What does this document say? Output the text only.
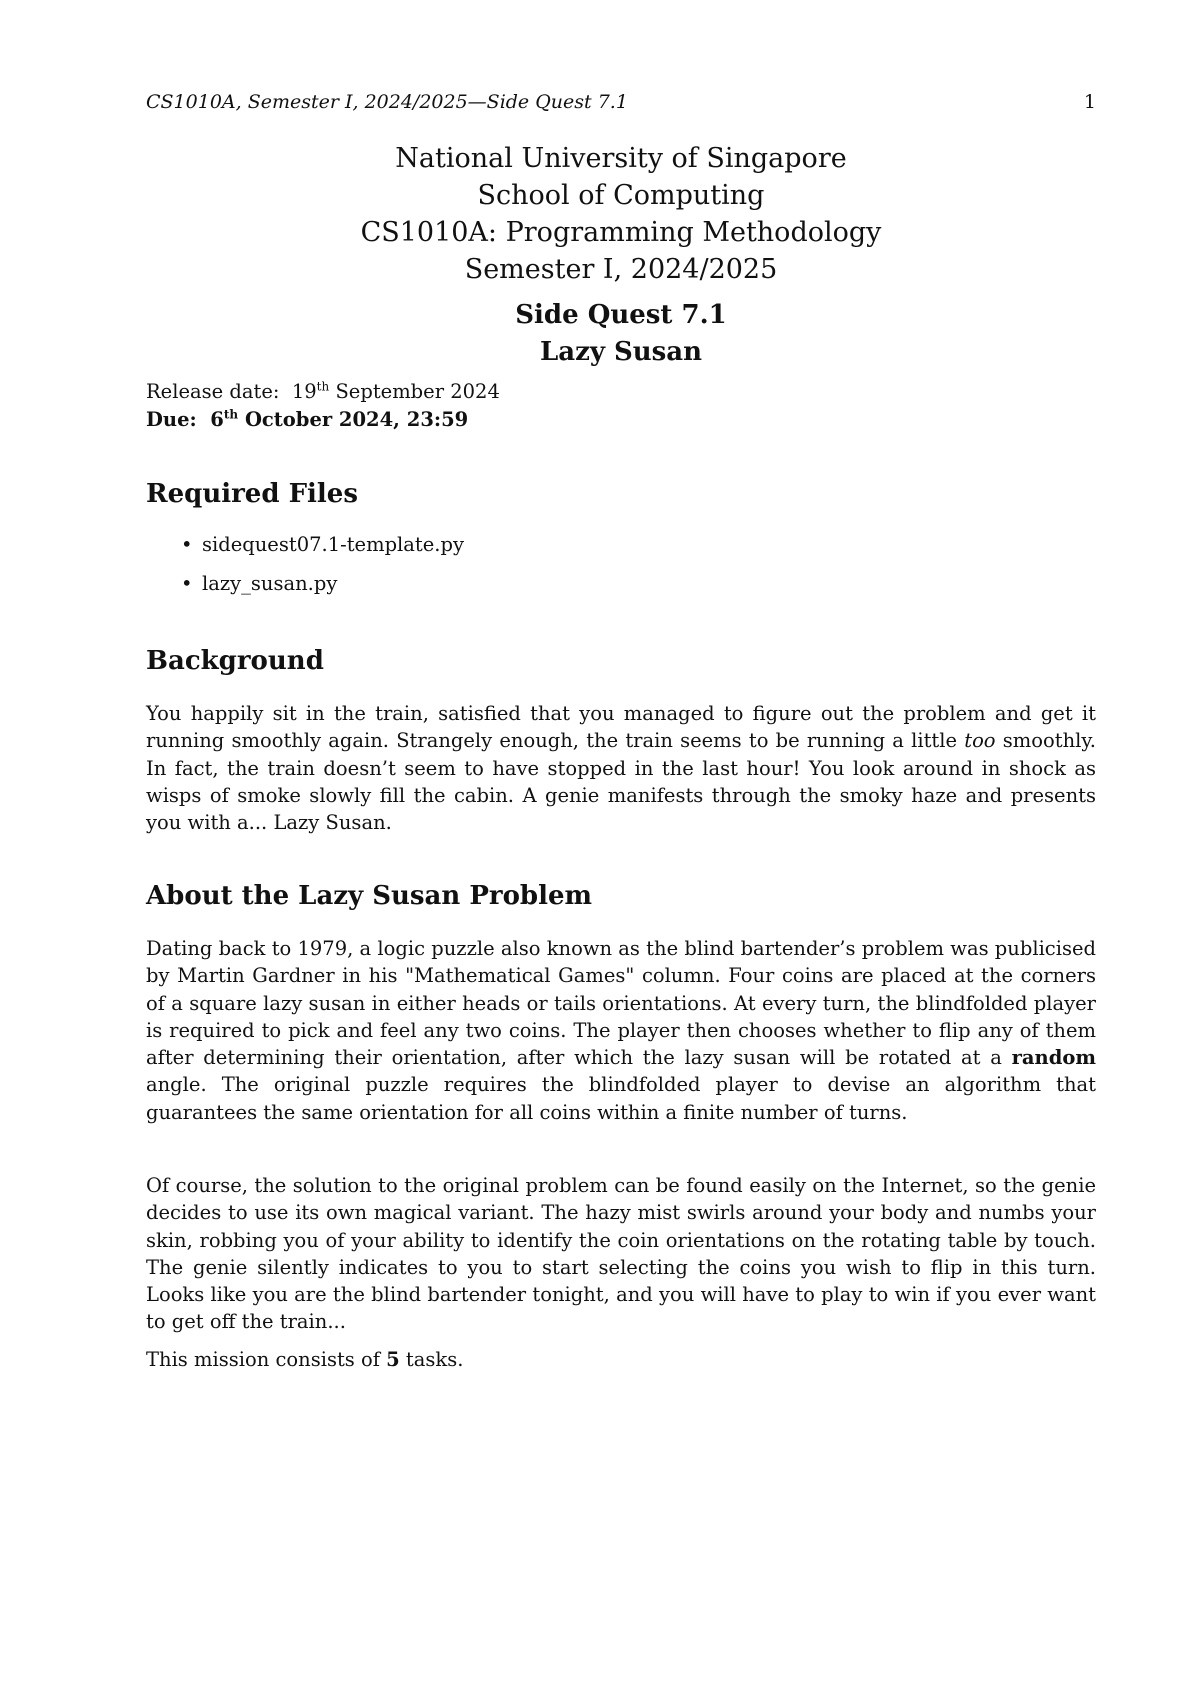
CS1010A, Semester I, 2024/2025—Side Quest 7.1	1
National University of Singapore
School of Computing
CS1010A: Programming Methodology
Semester I, 2024/2025
Side Quest 7.1
Lazy Susan
Release date: 19th September 2024
Due: 6th October 2024, 23:59
Required Files
• sidequest07.1-template.py
• lazy_susan.py
Background

You happily sit in the train, satisfied that you managed to figure out the problem and get it running smoothly again. Strangely enough, the train seems to be running a little too smoothly. In fact, the train doesn’t seem to have stopped in the last hour! You look around in shock as wisps of smoke slowly fill the cabin. A genie manifests through the smoky haze and presents you with a... Lazy Susan.

About the Lazy Susan Problem

Dating back to 1979, a logic puzzle also known as the blind bartender’s problem was publicised by Martin Gardner in his "Mathematical Games" column. Four coins are placed at the corners of a square lazy susan in either heads or tails orientations. At every turn, the blindfolded player is required to pick and feel any two coins. The player then chooses whether to flip any of them after determining their orientation, after which the lazy susan will be rotated at a random angle. The original puzzle requires the blindfolded player to devise an algorithm that guarantees the same orientation for all coins within a finite number of turns.

Of course, the solution to the original problem can be found easily on the Internet, so the genie decides to use its own magical variant. The hazy mist swirls around your body and numbs your skin, robbing you of your ability to identify the coin orientations on the rotating table by touch. The genie silently indicates to you to start selecting the coins you wish to flip in this turn. Looks like you are the blind bartender tonight, and you will have to play to win if you ever want to get off the train...

This mission consists of 5 tasks.
